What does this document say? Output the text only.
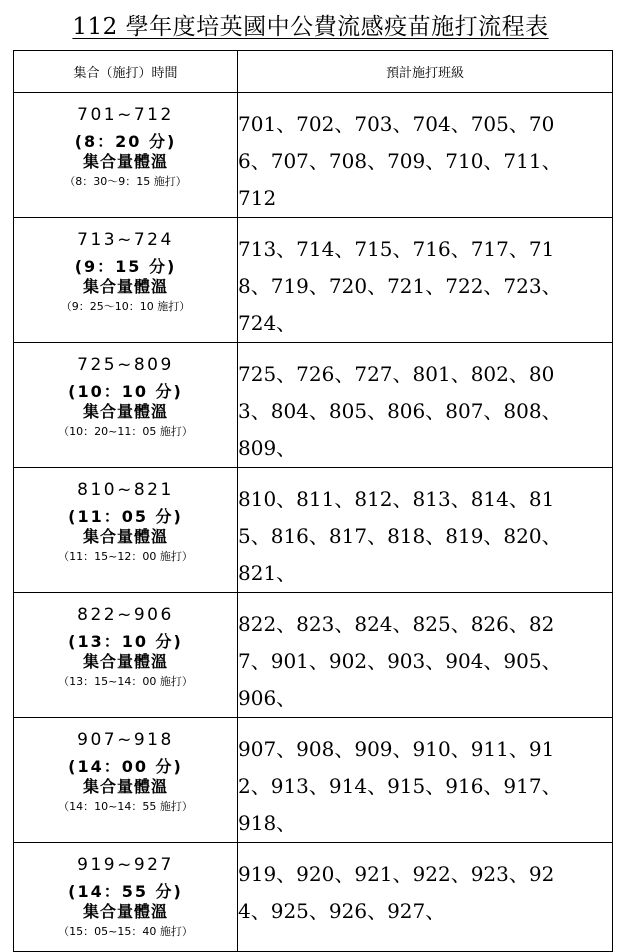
112 學年度培英國中公費流感疫苗施打流程表
集合（施打）時間	預計施打班級

701~712
(8：20 分)
集合量體溫
（8：30～9：15 施打）	701、702、703、704、705、706、707、708、709、710、711、712

713~724
(9：15 分)
集合量體溫
（9：25～10：10 施打）	713、714、715、716、717、718、719、720、721、722、723、724、

725~809
(10：10 分)
集合量體溫
（10：20~11：05 施打）	725、726、727、801、802、803、804、805、806、807、808、809、

810~821
(11：05 分)
集合量體溫
（11：15~12：00 施打）	810、811、812、813、814、815、816、817、818、819、820、821、

822~906
(13：10 分)
集合量體溫
（13：15~14：00 施打）	822、823、824、825、826、827、901、902、903、904、905、906、

907~918
(14：00 分)
集合量體溫
（14：10~14：55 施打）	907、908、909、910、911、912、913、914、915、916、917、918、

919~927
(14：55 分)
集合量體溫
（15：05~15：40 施打）	919、920、921、922、923、924、925、926、927、
